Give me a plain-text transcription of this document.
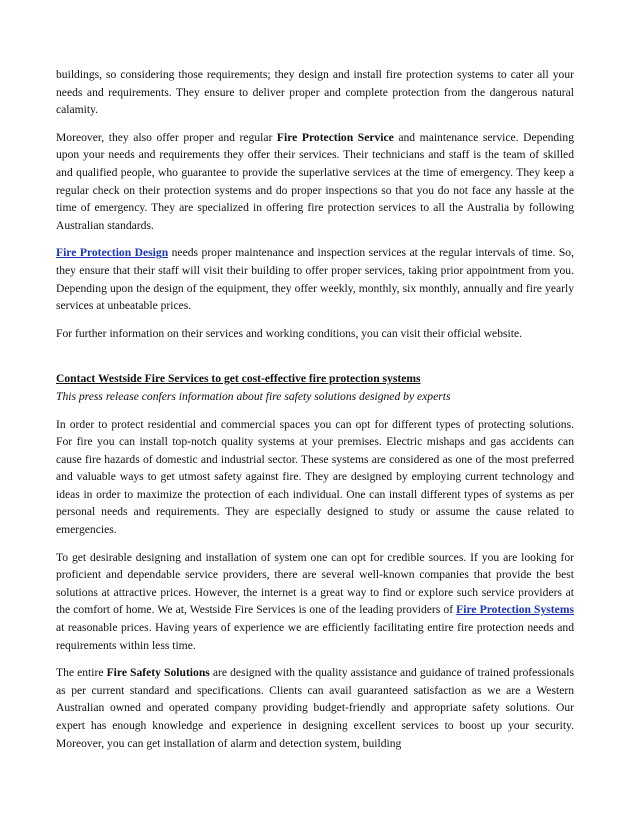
buildings, so considering those requirements; they design and install fire protection systems to cater all your needs and requirements. They ensure to deliver proper and complete protection from the dangerous natural calamity.

Moreover, they also offer proper and regular Fire Protection Service and maintenance service. Depending upon your needs and requirements they offer their services. Their technicians and staff is the team of skilled and qualified people, who guarantee to provide the superlative services at the time of emergency. They keep a regular check on their protection systems and do proper inspections so that you do not face any hassle at the time of emergency. They are specialized in offering fire protection services to all the Australia by following Australian standards.

Fire Protection Design needs proper maintenance and inspection services at the regular intervals of time. So, they ensure that their staff will visit their building to offer proper services, taking prior appointment from you. Depending upon the design of the equipment, they offer weekly, monthly, six monthly, annually and fire yearly services at unbeatable prices.

For further information on their services and working conditions, you can visit their official website.

Contact Westside Fire Services to get cost-effective fire protection systems

This press release confers information about fire safety solutions designed by experts

In order to protect residential and commercial spaces you can opt for different types of protecting solutions. For fire you can install top-notch quality systems at your premises. Electric mishaps and gas accidents can cause fire hazards of domestic and industrial sector. These systems are considered as one of the most preferred and valuable ways to get utmost safety against fire. They are designed by employing current technology and ideas in order to maximize the protection of each individual. One can install different types of systems as per personal needs and requirements. They are especially designed to study or assume the cause related to emergencies.

To get desirable designing and installation of system one can opt for credible sources. If you are looking for proficient and dependable service providers, there are several well-known companies that provide the best solutions at attractive prices. However, the internet is a great way to find or explore such service providers at the comfort of home. We at, Westside Fire Services is one of the leading providers of Fire Protection Systems at reasonable prices. Having years of experience we are efficiently facilitating entire fire protection needs and requirements within less time.

The entire Fire Safety Solutions are designed with the quality assistance and guidance of trained professionals as per current standard and specifications. Clients can avail guaranteed satisfaction as we are a Western Australian owned and operated company providing budget-friendly and appropriate safety solutions. Our expert has enough knowledge and experience in designing excellent services to boost up your security. Moreover, you can get installation of alarm and detection system, building
